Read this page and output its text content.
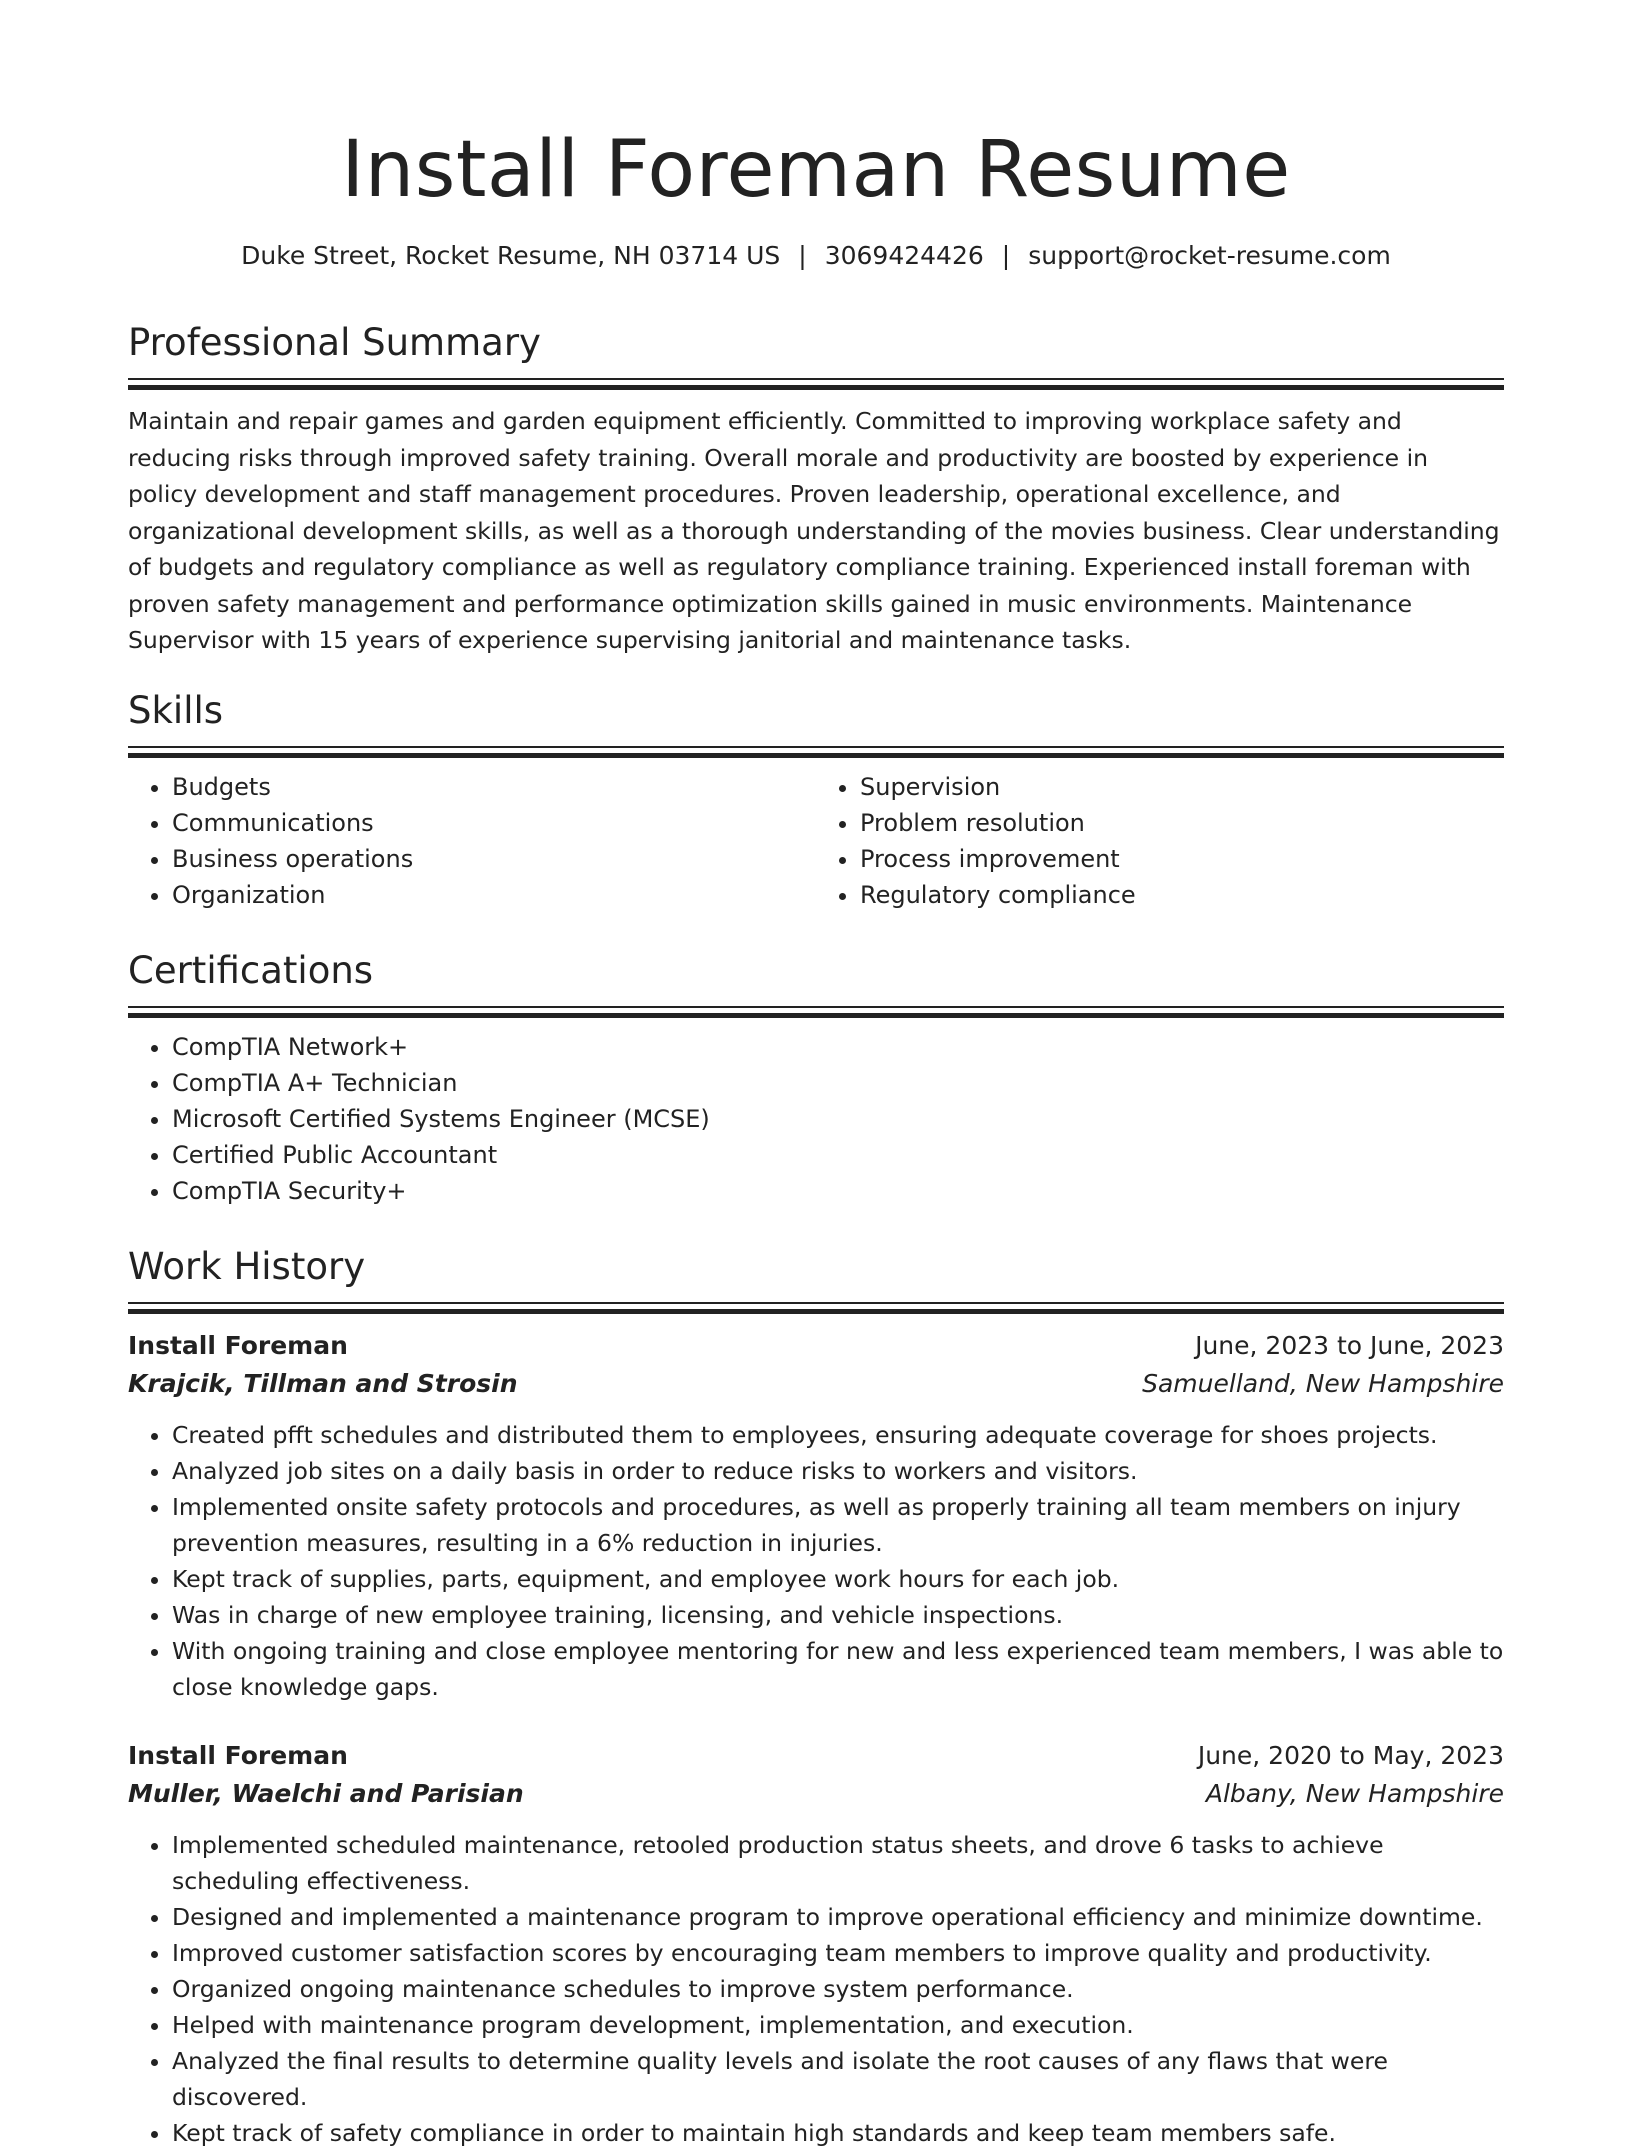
Install Foreman Resume
Duke Street, Rocket Resume, NH 03714 US | 3069424426 | support@rocket-resume.com
Professional Summary

Maintain and repair games and garden equipment efficiently. Committed to improving workplace safety and reducing risks through improved safety training. Overall morale and productivity are boosted by experience in policy development and staff management procedures. Proven leadership, operational excellence, and organizational development skills, as well as a thorough understanding of the movies business. Clear understanding of budgets and regulatory compliance as well as regulatory compliance training. Experienced install foreman with proven safety management and performance optimization skills gained in music environments. Maintenance Supervisor with 15 years of experience supervising janitorial and maintenance tasks.

Skills
• Budgets
• Communications
• Business operations
• Organization
• Supervision
• Problem resolution
• Process improvement
• Regulatory compliance
Certifications
• CompTIA Network+
• CompTIA A+ Technician
• Microsoft Certified Systems Engineer (MCSE)
• Certified Public Accountant
• CompTIA Security+
Work History
Install Foreman	June, 2023 to June, 2023
Krajcik, Tillman and Strosin	Samuelland, New Hampshire
• Created pfft schedules and distributed them to employees, ensuring adequate coverage for shoes projects.
• Analyzed job sites on a daily basis in order to reduce risks to workers and visitors.
• Implemented onsite safety protocols and procedures, as well as properly training all team members on injury prevention measures, resulting in a 6% reduction in injuries.
• Kept track of supplies, parts, equipment, and employee work hours for each job.
• Was in charge of new employee training, licensing, and vehicle inspections.
• With ongoing training and close employee mentoring for new and less experienced team members, I was able to close knowledge gaps.
Install Foreman	June, 2020 to May, 2023
Muller, Waelchi and Parisian	Albany, New Hampshire
• Implemented scheduled maintenance, retooled production status sheets, and drove 6 tasks to achieve scheduling effectiveness.
• Designed and implemented a maintenance program to improve operational efficiency and minimize downtime.
• Improved customer satisfaction scores by encouraging team members to improve quality and productivity.
• Organized ongoing maintenance schedules to improve system performance.
• Helped with maintenance program development, implementation, and execution.
• Analyzed the final results to determine quality levels and isolate the root causes of any flaws that were discovered.
• Kept track of safety compliance in order to maintain high standards and keep team members safe.
